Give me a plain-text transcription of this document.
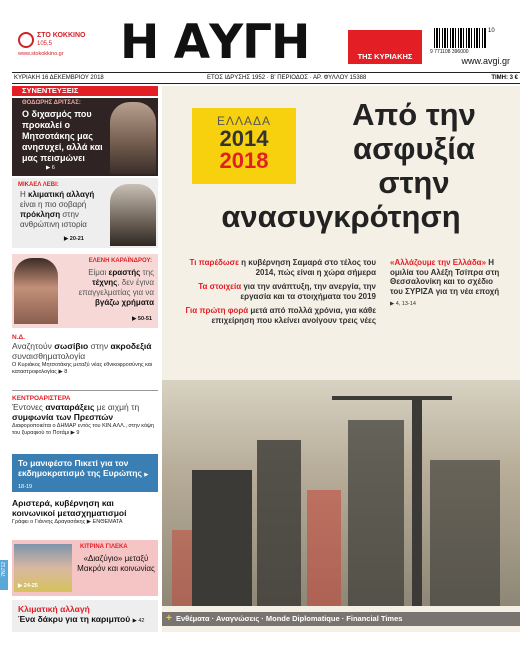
ΣΤΟ ΚΟΚΚΙΝΟ
105,5
www.stokokkino.gr Η ΑΥΓΗ	ΤΗΣ ΚΥΡΙΑΚΗΣ	9 771108 396000
10
www.avgi.gr
ΚΥΡΙΑΚΗ 16 ΔΕΚΕΜΒΡΙΟΥ 2018	ΕΤΟΣ ΙΔΡΥΣΗΣ 1952 · Β' ΠΕΡΙΟΔΟΣ · ΑΡ. ΦΥΛΛΟΥ 15388	ΤΙΜΗ: 3 €
ΣΥΝΕΝΤΕΥΞΕΙΣ
ΘΟΔΩΡΗΣ ΔΡΙΤΣΑΣ:
Ο διχασμός που προκαλεί ο Μητσοτάκης μας ανησυχεί, αλλά και μας πεισμώνει
▶ 6
ΜΙΚΑΕΛ ΛΕΒΙ:
Η κλιματική αλλαγή είναι η πιο σοβαρή πρόκληση στην ανθρώπινη ιστορία
▶ 20-21
ΕΛΕΝΗ ΚΑΡΑΪΝΔΡΟΥ:
Είμαι εραστής της τέχνης, δεν έγινα επαγγελματίας για να βγάζω χρήματα
▶ 50-51
Ν.Δ.
Αναζητούν σωσίβιο στην ακροδεξιά συναισθηματολογία
Ο Κυριάκος Μητσοτάκης μεταξύ νέας εθνικοφροσύνης και καταστροφολογίας ▶ 8
ΚΕΝΤΡΟΑΡΙΣΤΕΡΑ
Έντονες αναταράξεις με αιχμή τη συμφωνία των Πρεσπών
Διαφοροποιείται ο ΔΗΜΑΡ εντός του ΚΙΝ.ΑΛΛ., στην κόψη του ξυραφιού το Ποτάμι ▶ 9
Το μανιφέστο Πικετί για τον εκδημοκρατισμό της Ευρώπης ▶ 18-19
Αριστερά, κυβέρνηση και κοινωνικοί μετασχηματισμοί
Γράφει ο Γιάννης Δραγασάκης ▶ ΕΝΘΕΜΑΤΑ
▶ 24-25
ΚΙΤΡΙΝΑ ΓΙΛΕΚΑ
«Διαζύγιο» μεταξύ Μακρόν και κοινωνίας
Κλιματική αλλαγή
Ένα δάκρυ για τη καριμπού ▶ 42
7Ν712
ΕΛΛΑΔΑ
2014
2018
Από την
ασφυξία
στην
ανασυγκρότηση

Τι παρέδωσε η κυβέρνηση Σαμαρά στο τέλος του 2014, πώς είναι η χώρα σήμερα

Τα στοιχεία για την ανάπτυξη, την ανεργία, την εργασία και τα στοιχήματα του 2019

Για πρώτη φορά μετά από πολλά χρόνια, για κάθε επιχείρηση που κλείνει ανοίγουν τρεις νέες

«Αλλάζουμε την Ελλάδα» Η ομιλία του Αλέξη Τσίπρα στη Θεσσαλονίκη και το σχέδιο του ΣΥΡΙΖΑ για τη νέα εποχή
▶ 4, 13-14
+ Ενθέματα · Αναγνώσεις · Monde Diplomatique · Financial Times
